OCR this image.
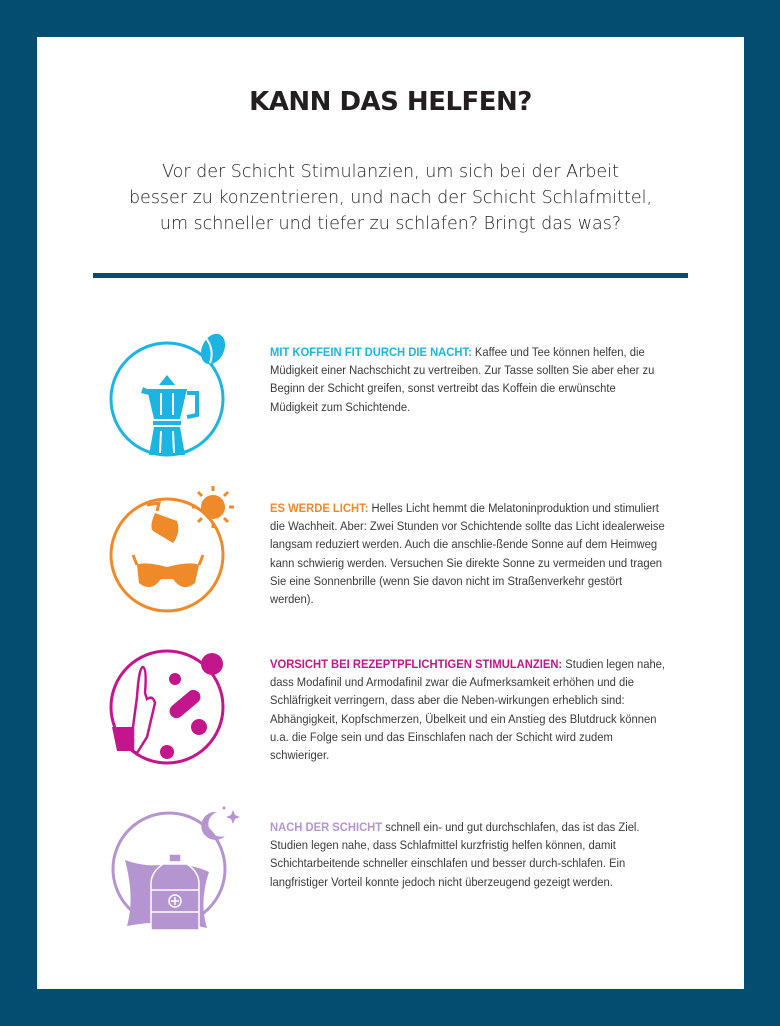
KANN DAS HELFEN?
Vor der Schicht Stimulanzien, um sich bei der Arbeit
besser zu konzentrieren, und nach der Schicht Schlafmittel,
um schneller und tiefer zu schlafen? Bringt das was?
MIT KOFFEIN FIT DURCH DIE NACHT: Kaffee und Tee können helfen, die Müdigkeit einer Nachschicht zu vertreiben. Zur Tasse sollten Sie aber eher zu Beginn der Schicht greifen, sonst vertreibt das Koffein die erwünschte Müdigkeit zum Schichtende.
ES WERDE LICHT: Helles Licht hemmt die Melatoninproduktion und stimuliert die Wachheit. Aber: Zwei Stunden vor Schichtende sollte das Licht idealerweise langsam reduziert werden. Auch die anschlie-ßende Sonne auf dem Heimweg kann schwierig werden. Versuchen Sie direkte Sonne zu vermeiden und tragen Sie eine Sonnenbrille (wenn Sie davon nicht im Straßenverkehr gestört werden).
VORSICHT BEI REZEPTPFLICHTIGEN STIMULANZIEN: Studien legen nahe, dass Modafinil und Armodafinil zwar die Aufmerksamkeit erhöhen und die Schläfrigkeit verringern, dass aber die Neben-wirkungen erheblich sind: Abhängigkeit, Kopfschmerzen, Übelkeit und ein Anstieg des Blutdruck können u.a. die Folge sein und das Einschlafen nach der Schicht wird zudem schwieriger.
NACH DER SCHICHT schnell ein- und gut durchschlafen, das ist das Ziel. Studien legen nahe, dass Schlafmittel kurzfristig helfen können, damit Schichtarbeitende schneller einschlafen und besser durch-schlafen. Ein langfristiger Vorteil konnte jedoch nicht überzeugend gezeigt werden.
